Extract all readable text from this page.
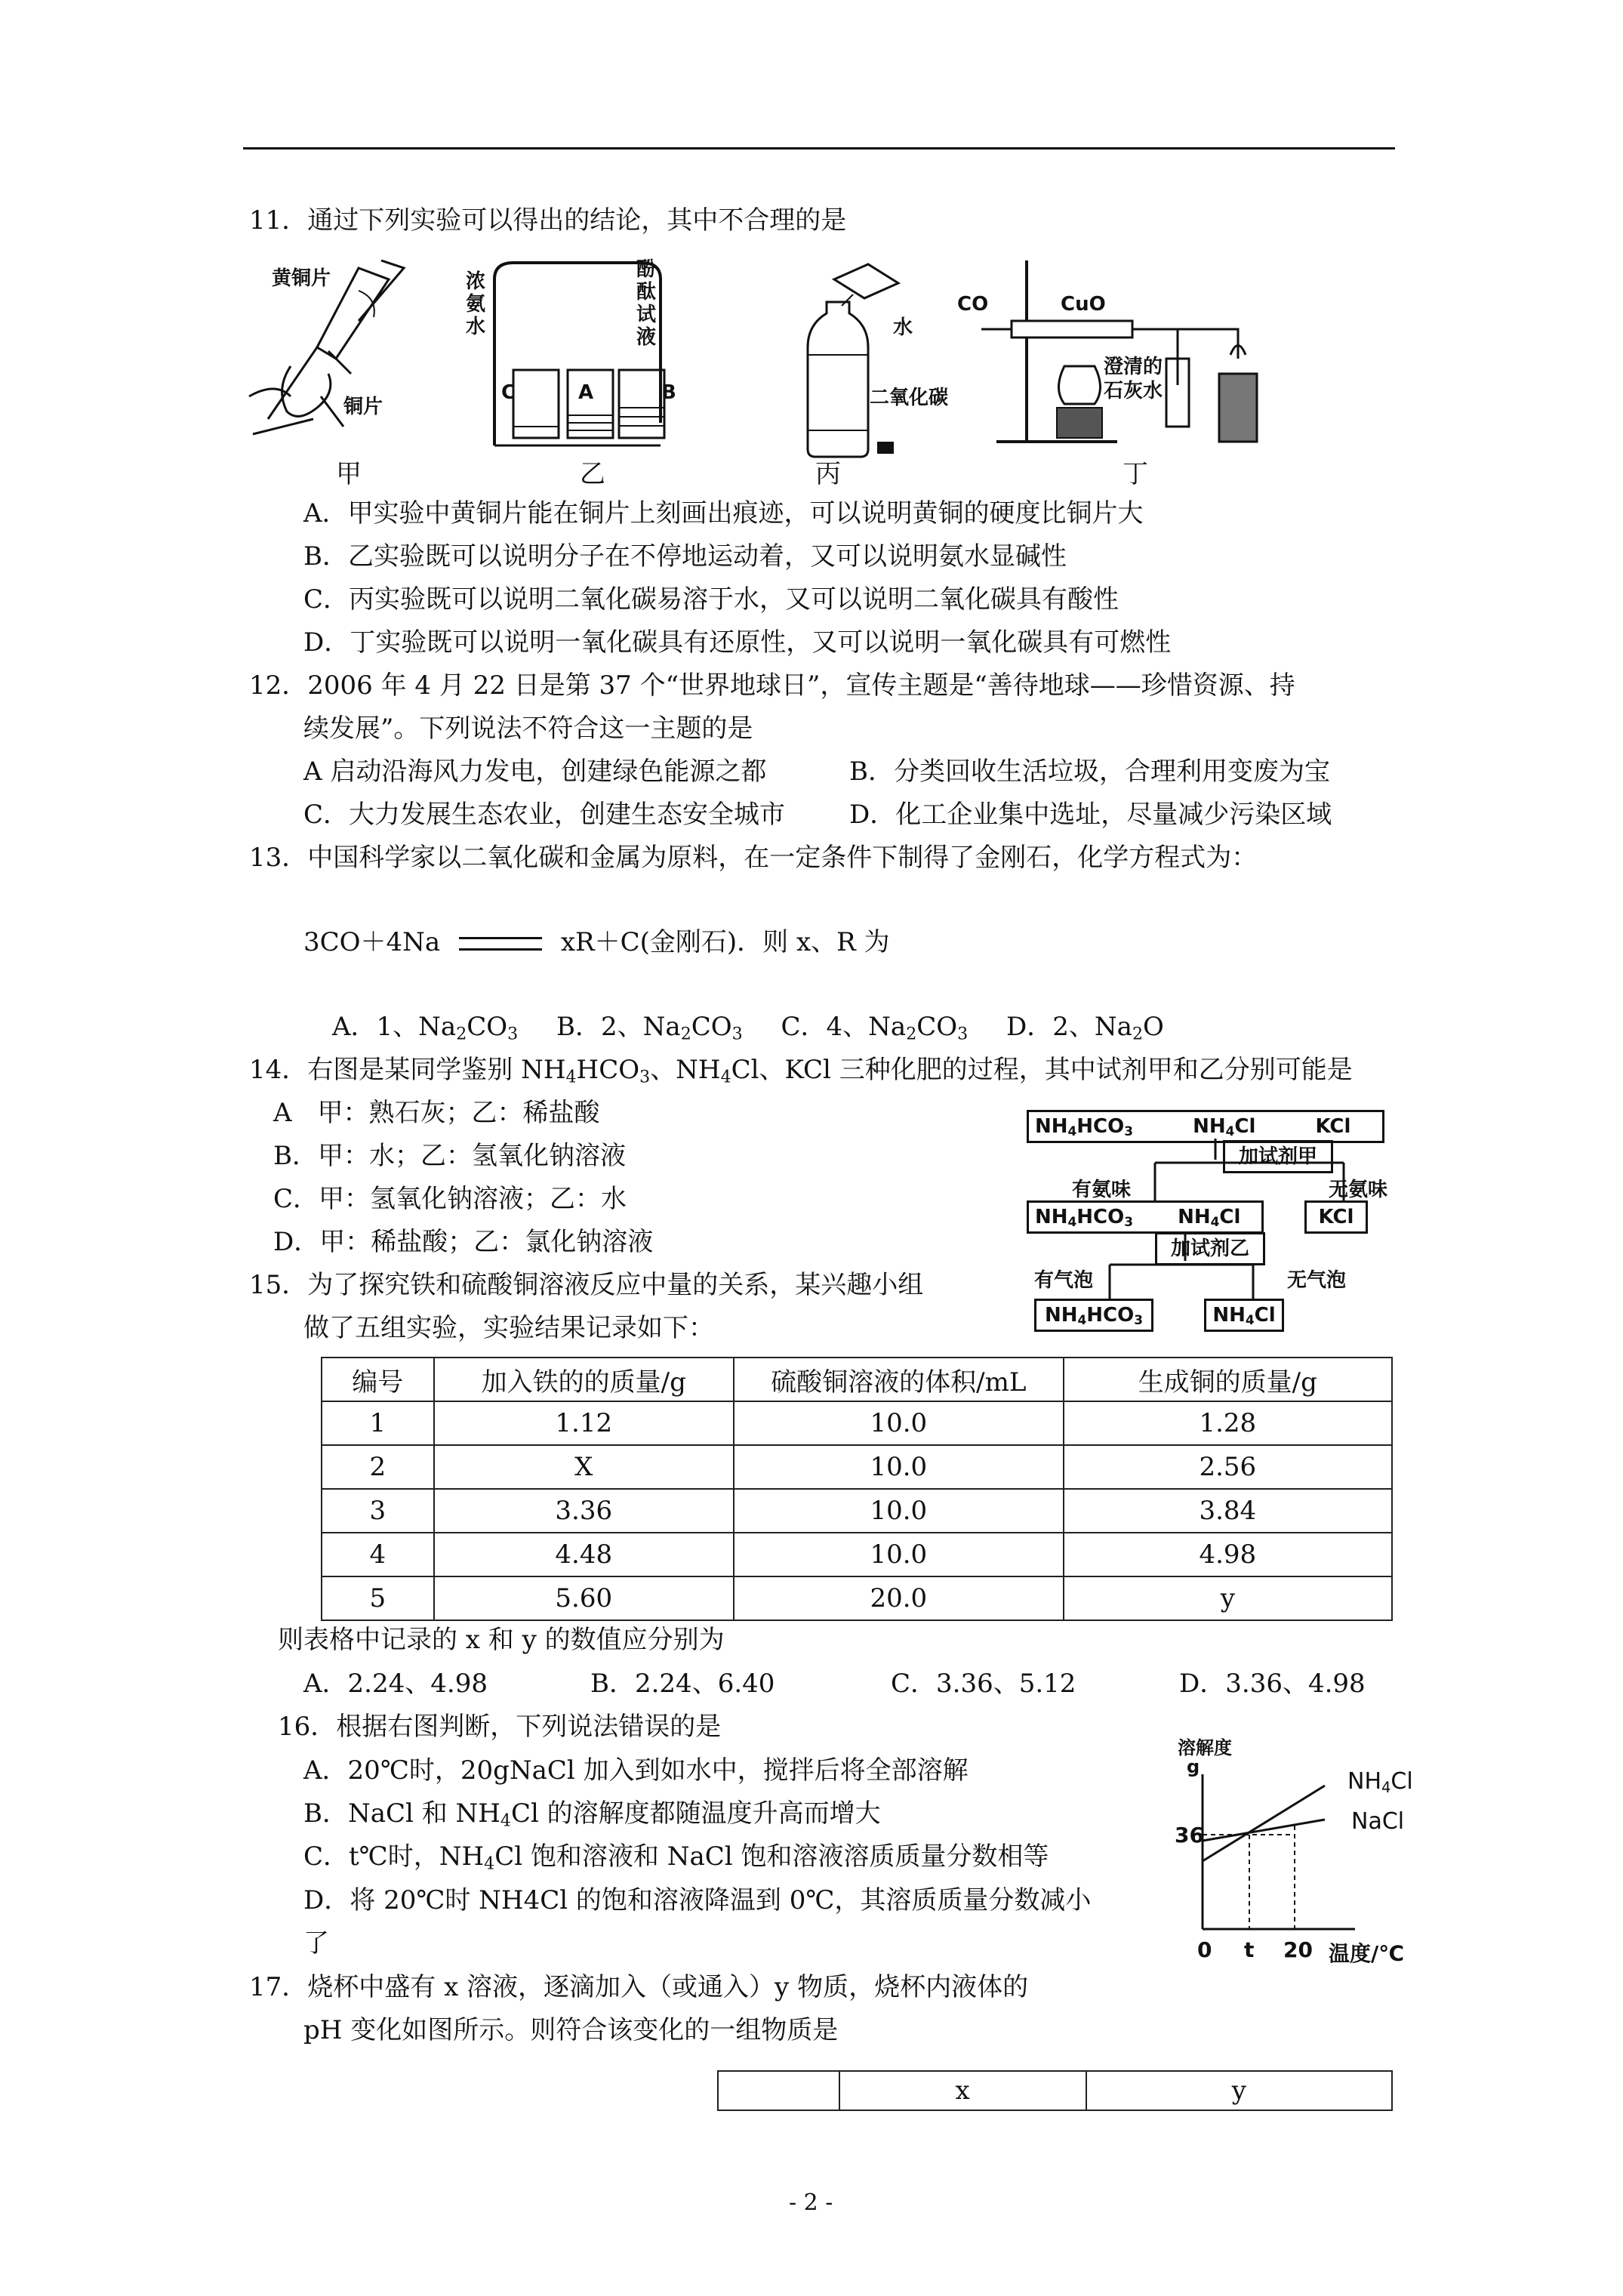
11．通过下列实验可以得出的结论，其中不合理的是
黄铜片
铜片
浓
氨
水
酚
酞
试
液
C	A	B
水
二氧化碳
CO	CuO
澄清的
石灰水
甲	乙	丙	丁
A．甲实验中黄铜片能在铜片上刻画出痕迹，可以说明黄铜的硬度比铜片大
B．乙实验既可以说明分子在不停地运动着，又可以说明氨水显碱性
C．丙实验既可以说明二氧化碳易溶于水，又可以说明二氧化碳具有酸性
D．丁实验既可以说明一氧化碳具有还原性，又可以说明一氧化碳具有可燃性
12．2006 年 4 月 22 日是第 37 个“世界地球日”，宣传主题是“善待地球——珍惜资源、持
续发展”。下列说法不符合这一主题的是
A 启动沿海风力发电，创建绿色能源之都	B．分类回收生活垃圾，合理利用变废为宝
C．大力发展生态农业，创建生态安全城市 D．化工企业集中选址，尽量减少污染区域
13．中国科学家以二氧化碳和金属为原料，在一定条件下制得了金刚石，化学方程式为：
3CO＋4Na	xR＋C(金刚石)．则 x、R 为
A．1、$Na_2CO_3$ B．2、$Na_2CO_3$ C．4、$Na_2CO_3$ D．2、$Na_2O$
14．右图是某同学鉴别 $NH_4HCO_3$、$NH_4Cl$、KCl 三种化肥的过程，其中试剂甲和乙分别可能是
A　甲：熟石灰；乙：稀盐酸
B．甲：水；乙：氢氧化钠溶液
C．甲：氢氧化钠溶液；乙：水
D．甲：稀盐酸；乙：氯化钠溶液
$NH_4HCO_3$	$NH_4Cl$	KCl
加试剂甲
有氨味	无氨味
$NH_4HCO_3$ $NH_4Cl$	KCl
加试剂乙
有气泡	无气泡
$NH_4HCO_3$	$NH_4Cl$
15．为了探究铁和硫酸铜溶液反应中量的关系，某兴趣小组
做了五组实验，实验结果记录如下：
编号	加入铁的的质量/g	硫酸铜溶液的体积/mL	生成铜的质量/g
1	1.12	10.0	1.28
2	X	10.0	2.56
3	3.36	10.0	3.84
4	4.48	10.0	4.98
5	5.60	20.0	y
则表格中记录的 x 和 y 的数值应分别为
A．2.24、4.98	B．2.24、6.40	C．3.36、5.12	D．3.36、4.98
16．根据右图判断，下列说法错误的是
A．20℃时，20gNaCl 加入到如水中，搅拌后将全部溶解
B．NaCl 和 $NH_4Cl$ 的溶解度都随温度升高而增大
C．t℃时，$NH_4Cl$ 饱和溶液和 NaCl 饱和溶液溶质质量分数相等
D．将 20℃时 NH4Cl 的饱和溶液降温到 0℃，其溶质质量分数减小
了
溶解度
g
36
0 t 20 温度/℃
$NH_4Cl$
NaCl
17．烧杯中盛有 x 溶液，逐滴加入（或通入）y 物质，烧杯内液体的
pH 变化如图所示。则符合该变化的一组物质是
	x	y
- 2 -
